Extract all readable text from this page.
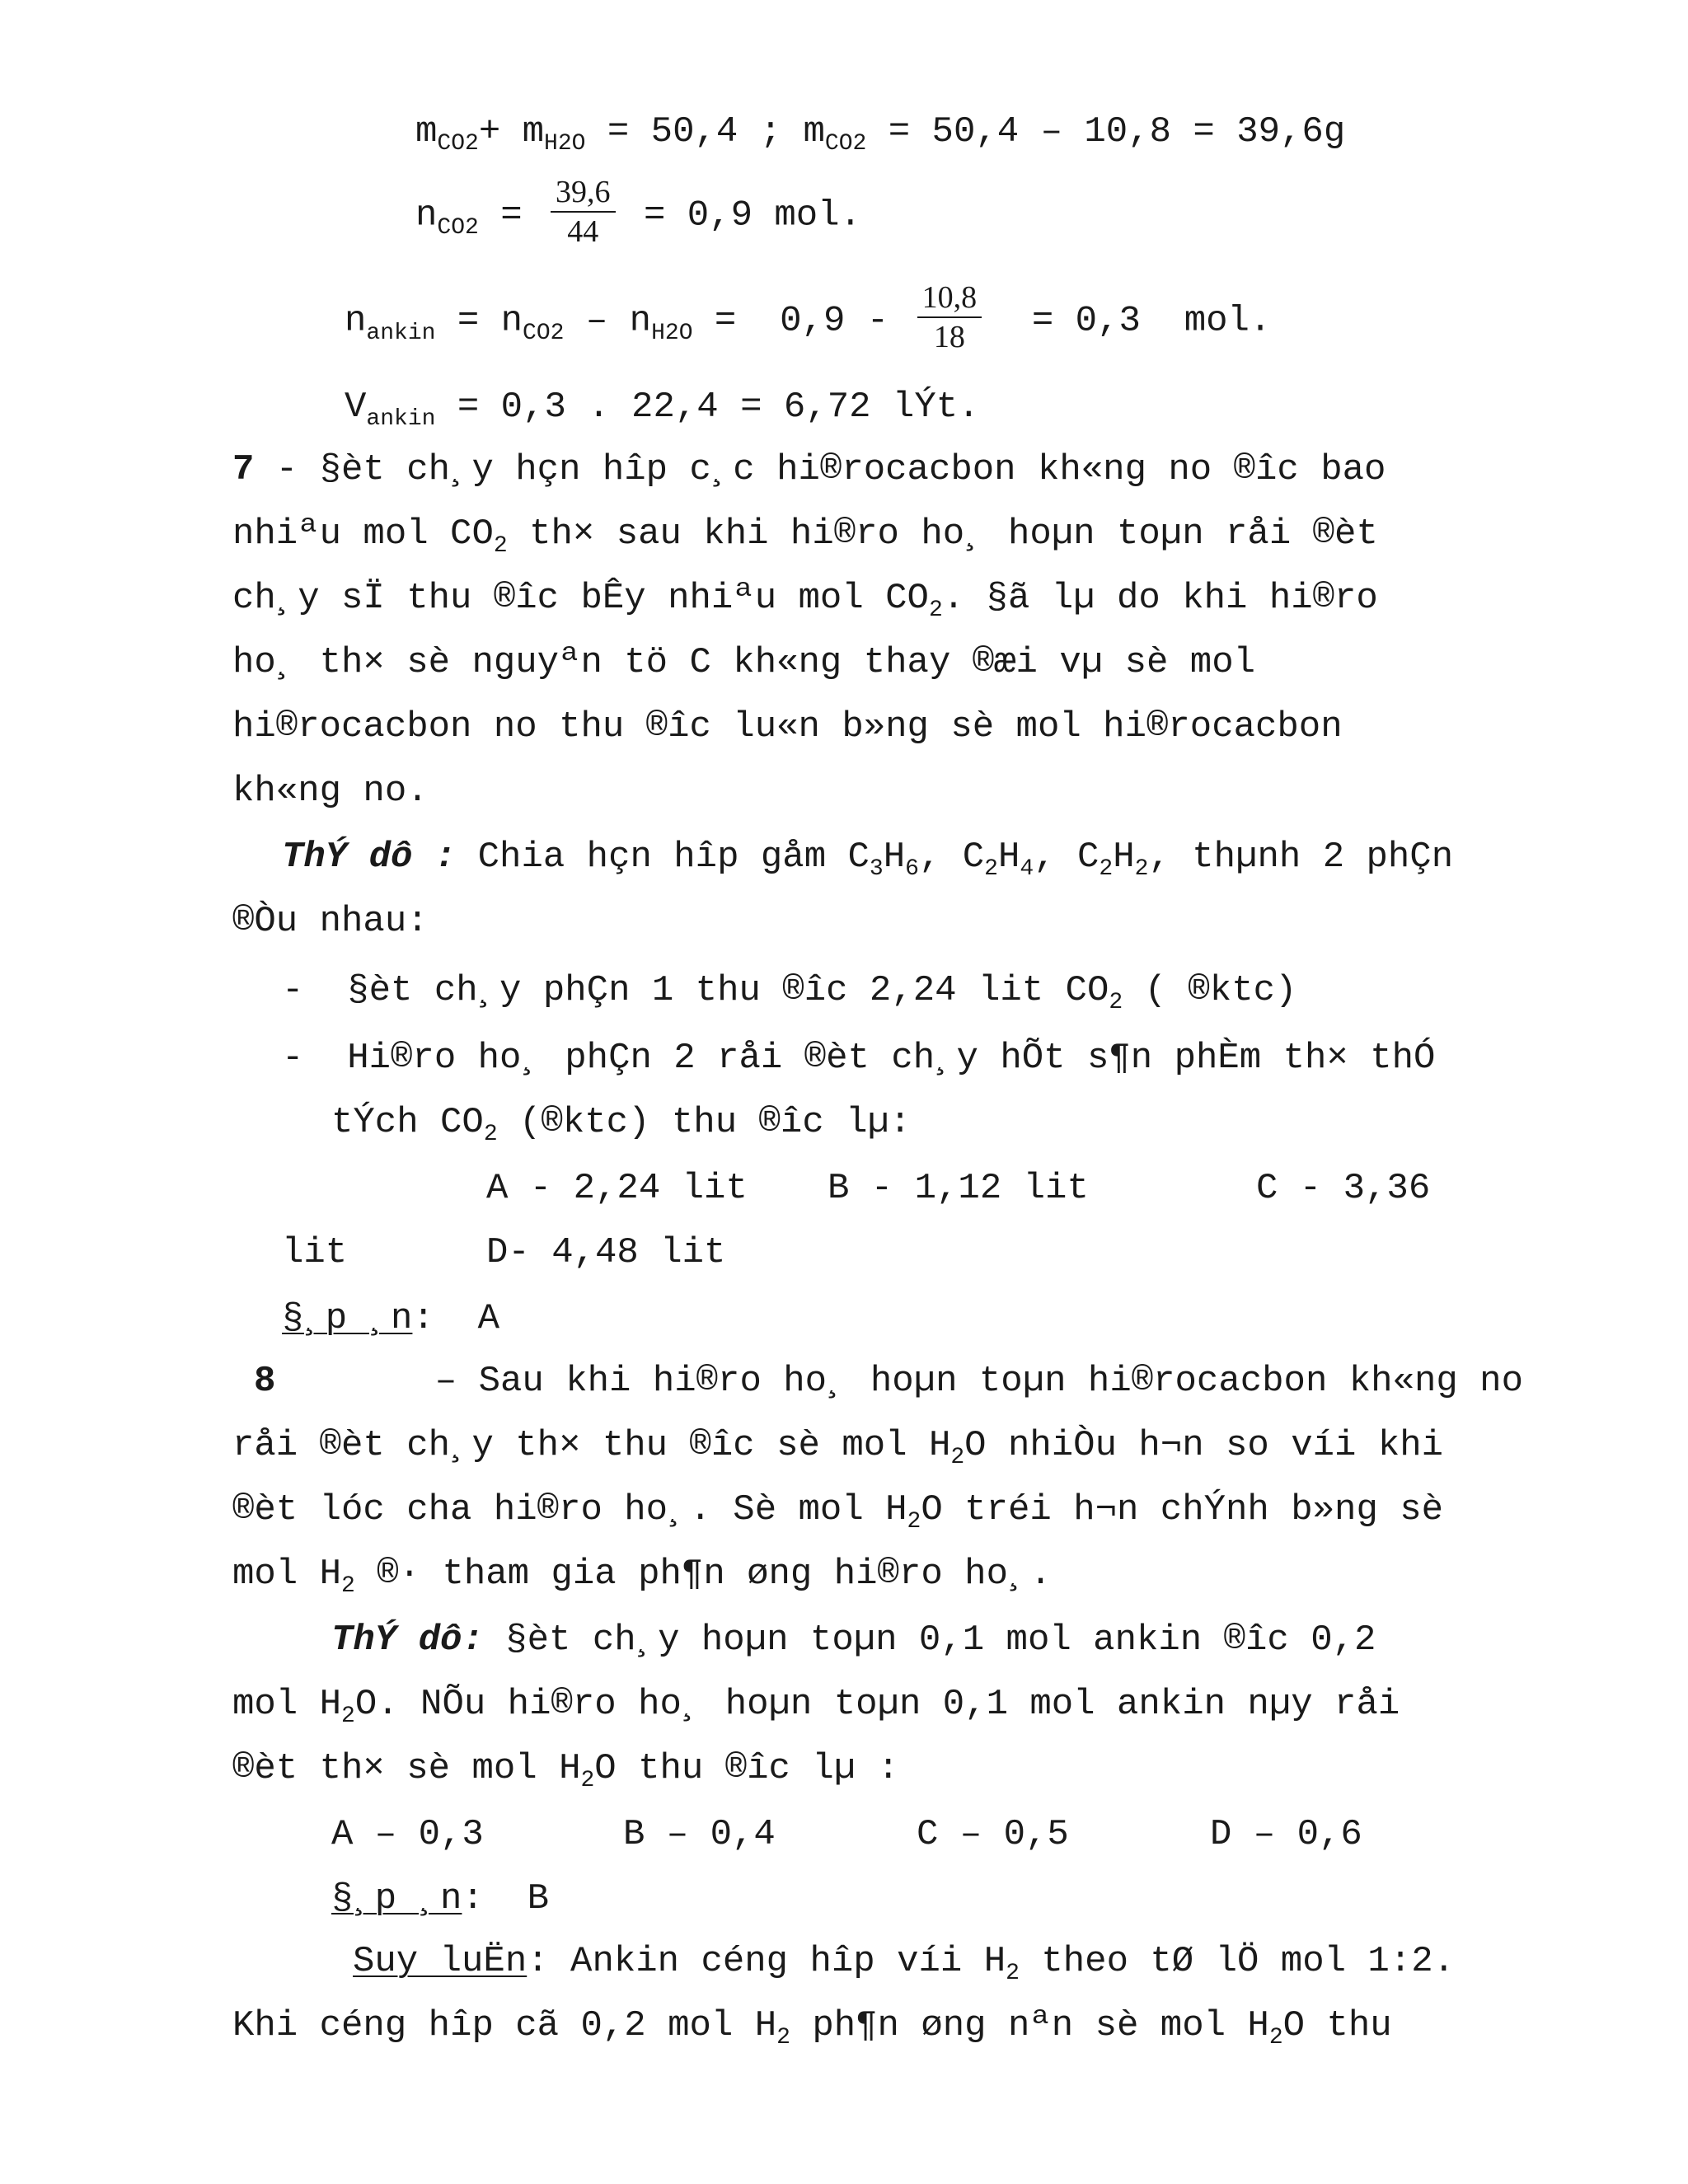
$m_{CO2}+ m_{H2O} = 50,4$ ; $m_{CO2} = 50,4 - 10,8 = 39,6g$
$n_{CO2} = \frac{39,6}{44} = 0,9$ mol.
$n_{ankin} = n_{CO2} - n_{H2O} = 0,9 - \frac{10,8}{18} = 0,3$  mol.
$V_{ankin} = 0,3$ . 22,4 = 6,72 lÝt.
7 - §èt ch¸y hçn hîp c¸c hi®rocacbon kh«ng no ®îc bao
nhiªu mol $CO_2$ th× sau khi hi®ro ho¸ hoµn toµn råi ®èt
ch¸y sÏ thu ®îc bÊy nhiªu mol $CO_2$. §ã lµ do khi hi®ro
ho¸ th× sè nguyªn tö C kh«ng thay ®æi vµ sè mol
hi®rocacbon no thu ®îc lu«n b»ng sè mol hi®rocacbon
kh«ng no.
ThÝ dô : Chia hçn hîp gåm $C_3H_6$, $C_2H_4$, $C_2H_2$, thµnh 2 phÇn
®Òu nhau:
-  §èt ch¸y phÇn 1 thu ®îc 2,24 lit $CO_2$ ( ®ktc)
-  Hi®ro ho¸ phÇn 2 råi ®èt ch¸y hÕt s¶n phÈm th× thÓ
tÝch $CO_2$ (®ktc) thu ®îc lµ:
A - 2,24 lit B - 1,12 lit	C - 3,36
lit	D- 4,48 lit
§¸p ¸n: A
8	– Sau khi hi®ro ho¸ hoµn toµn hi®rocacbon kh«ng no
råi ®èt ch¸y th× thu ®îc sè mol $H_2O$ nhiÒu h¬n so víi khi
®èt lóc cha hi®ro ho¸. Sè mol $H_2O$ tréi h¬n chÝnh b»ng sè
mol $H_2$ ®· tham gia ph¶n øng hi®ro ho¸.
ThÝ dô: §èt ch¸y hoµn toµn 0,1 mol ankin ®îc 0,2
mol $H_2O$. NÕu hi®ro ho¸ hoµn toµn 0,1 mol ankin nµy råi
®èt th× sè mol $H_2O$ thu ®îc lµ :
A – 0,3	B – 0,4	C – 0,5	D – 0,6
§¸p ¸n: B
Suy luËn: Ankin céng hîp víi $H_2$ theo tØ lÖ mol 1:2.
Khi céng hîp cã 0,2 mol $H_2$ ph¶n øng nªn sè mol $H_2O$ thu
